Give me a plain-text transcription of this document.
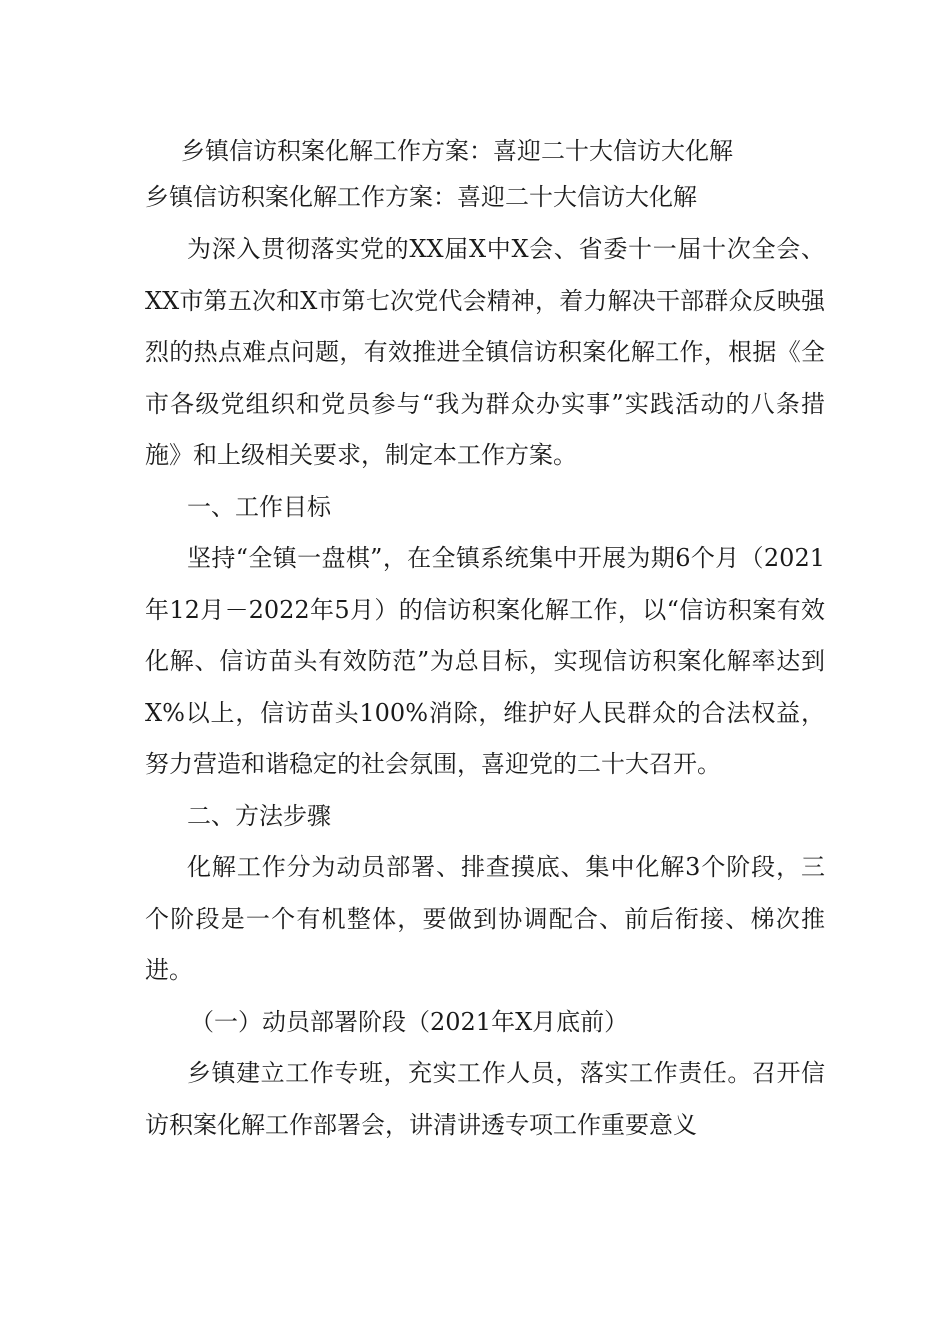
乡镇信访积案化解工作方案：喜迎二十大信访大化解

乡镇信访积案化解工作方案：喜迎二十大信访大化解

为深入贯彻落实党的XX届X中X会、省委十一届十次全会、XX市第五次和X市第七次党代会精神，着力解决干部群众反映强烈的热点难点问题，有效推进全镇信访积案化解工作，根据《全市各级党组织和党员参与“我为群众办实事”实践活动的八条措施》和上级相关要求，制定本工作方案。

一、工作目标

坚持“全镇一盘棋”，在全镇系统集中开展为期6个月（2021年12月－2022年5月）的信访积案化解工作，以“信访积案有效化解、信访苗头有效防范”为总目标，实现信访积案化解率达到X%以上，信访苗头100%消除，维护好人民群众的合法权益，努力营造和谐稳定的社会氛围，喜迎党的二十大召开。

二、方法步骤

化解工作分为动员部署、排查摸底、集中化解3个阶段，三个阶段是一个有机整体，要做到协调配合、前后衔接、梯次推进。

（一）动员部署阶段（2021年X月底前）

乡镇建立工作专班，充实工作人员，落实工作责任。召开信访积案化解工作部署会，讲清讲透专项工作重要意义
